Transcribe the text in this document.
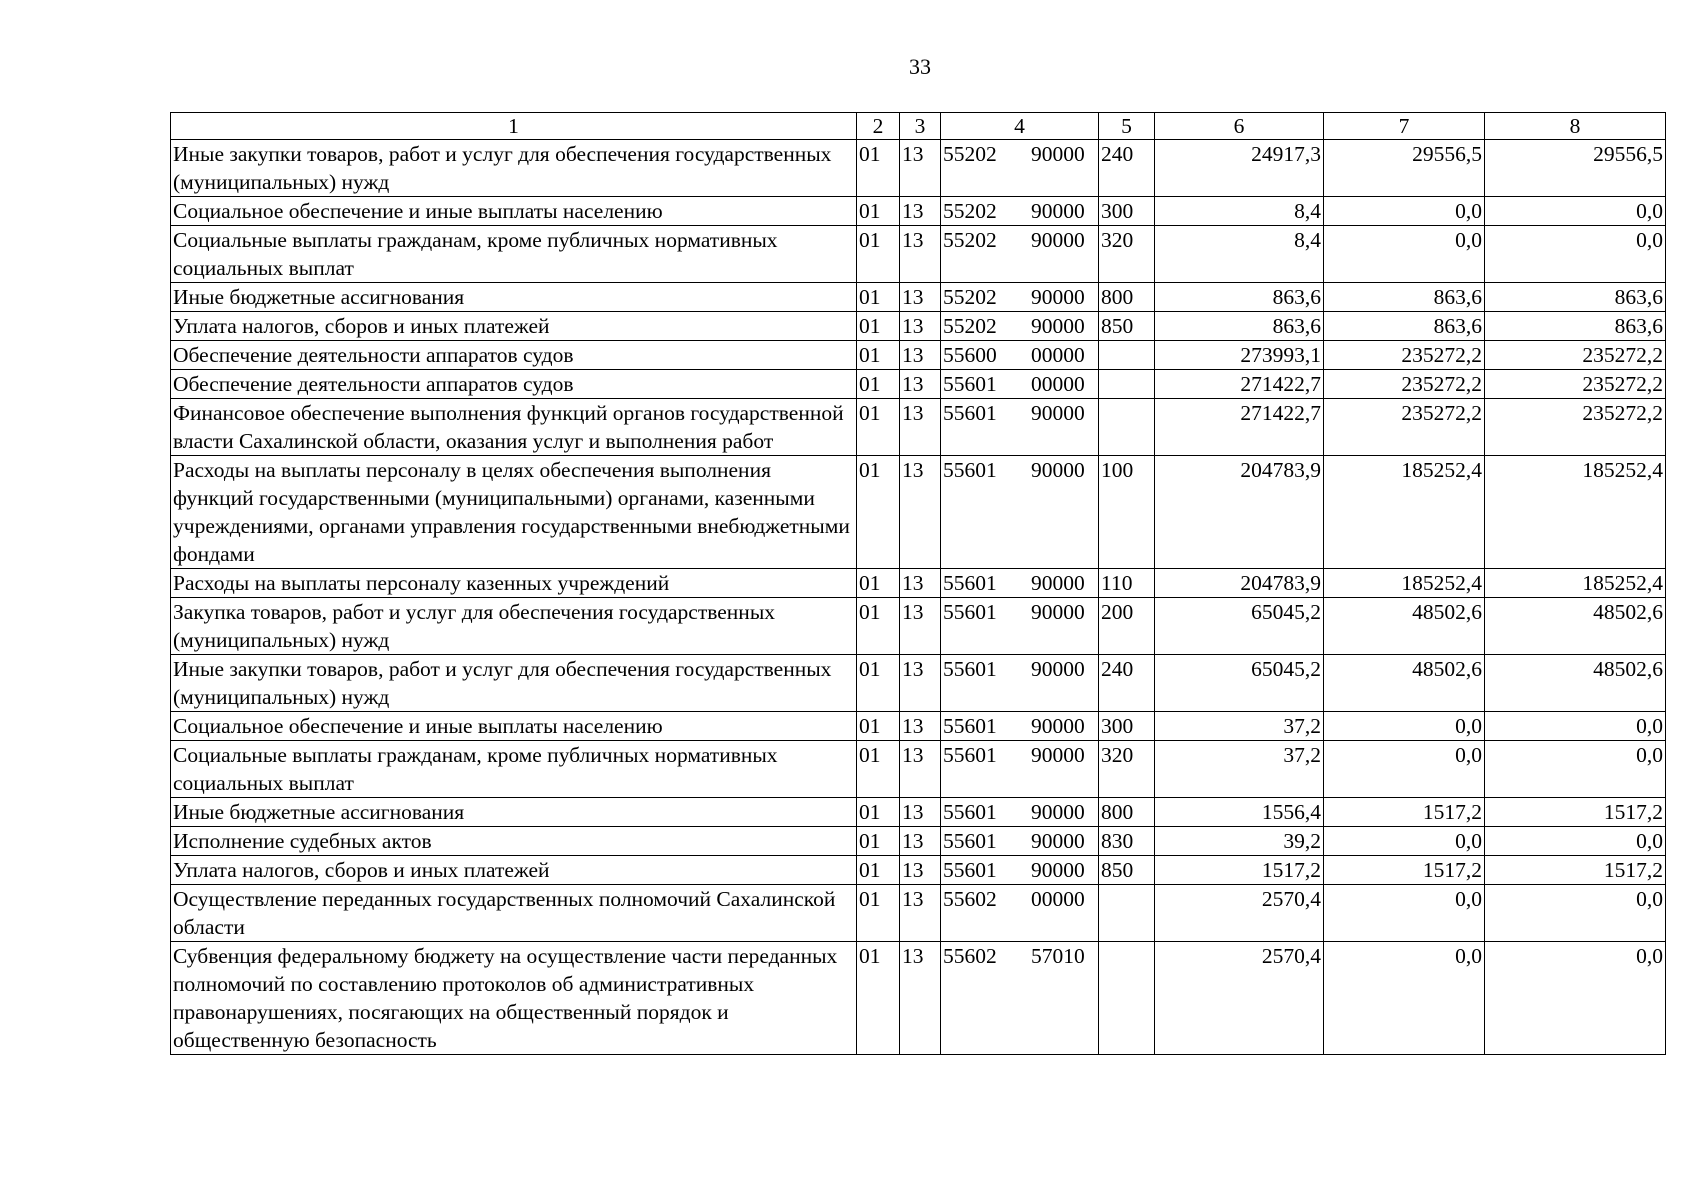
33
1	2	3	4	5	6	7	8
Иные закупки товаров, работ и услуг для обеспечения государственных (муниципальных) нужд	01	13	55202 90000	240	24917,3	29556,5	29556,5
Социальное обеспечение и иные выплаты населению	01	13	55202 90000	300	8,4	0,0	0,0
Социальные выплаты гражданам, кроме публичных нормативных социальных выплат	01	13	55202 90000	320	8,4	0,0	0,0
Иные бюджетные ассигнования	01	13	55202 90000	800	863,6	863,6	863,6
Уплата налогов, сборов и иных платежей	01	13	55202 90000	850	863,6	863,6	863,6
Обеспечение деятельности аппаратов судов	01	13	55600 00000		273993,1	235272,2	235272,2
Обеспечение деятельности аппаратов судов	01	13	55601 00000		271422,7	235272,2	235272,2
Финансовое обеспечение выполнения функций органов государственной власти Сахалинской области, оказания услуг и выполнения работ	01	13	55601 90000		271422,7	235272,2	235272,2
Расходы на выплаты персоналу в целях обеспечения выполнения функций государственными (муниципальными) органами, казенными учреждениями, органами управления государственными внебюджетными фондами	01	13	55601 90000	100	204783,9	185252,4	185252,4
Расходы на выплаты персоналу казенных учреждений	01	13	55601 90000	110	204783,9	185252,4	185252,4
Закупка товаров, работ и услуг для обеспечения государственных (муниципальных) нужд	01	13	55601 90000	200	65045,2	48502,6	48502,6
Иные закупки товаров, работ и услуг для обеспечения государственных (муниципальных) нужд	01	13	55601 90000	240	65045,2	48502,6	48502,6
Социальное обеспечение и иные выплаты населению	01	13	55601 90000	300	37,2	0,0	0,0
Социальные выплаты гражданам, кроме публичных нормативных социальных выплат	01	13	55601 90000	320	37,2	0,0	0,0
Иные бюджетные ассигнования	01	13	55601 90000	800	1556,4	1517,2	1517,2
Исполнение судебных актов	01	13	55601 90000	830	39,2	0,0	0,0
Уплата налогов, сборов и иных платежей	01	13	55601 90000	850	1517,2	1517,2	1517,2
Осуществление переданных государственных полномочий Сахалинской области	01	13	55602 00000		2570,4	0,0	0,0
Субвенция федеральному бюджету на осуществление части переданных полномочий по составлению протоколов об административных правонарушениях, посягающих на общественный порядок и общественную безопасность	01	13	55602 57010		2570,4	0,0	0,0
